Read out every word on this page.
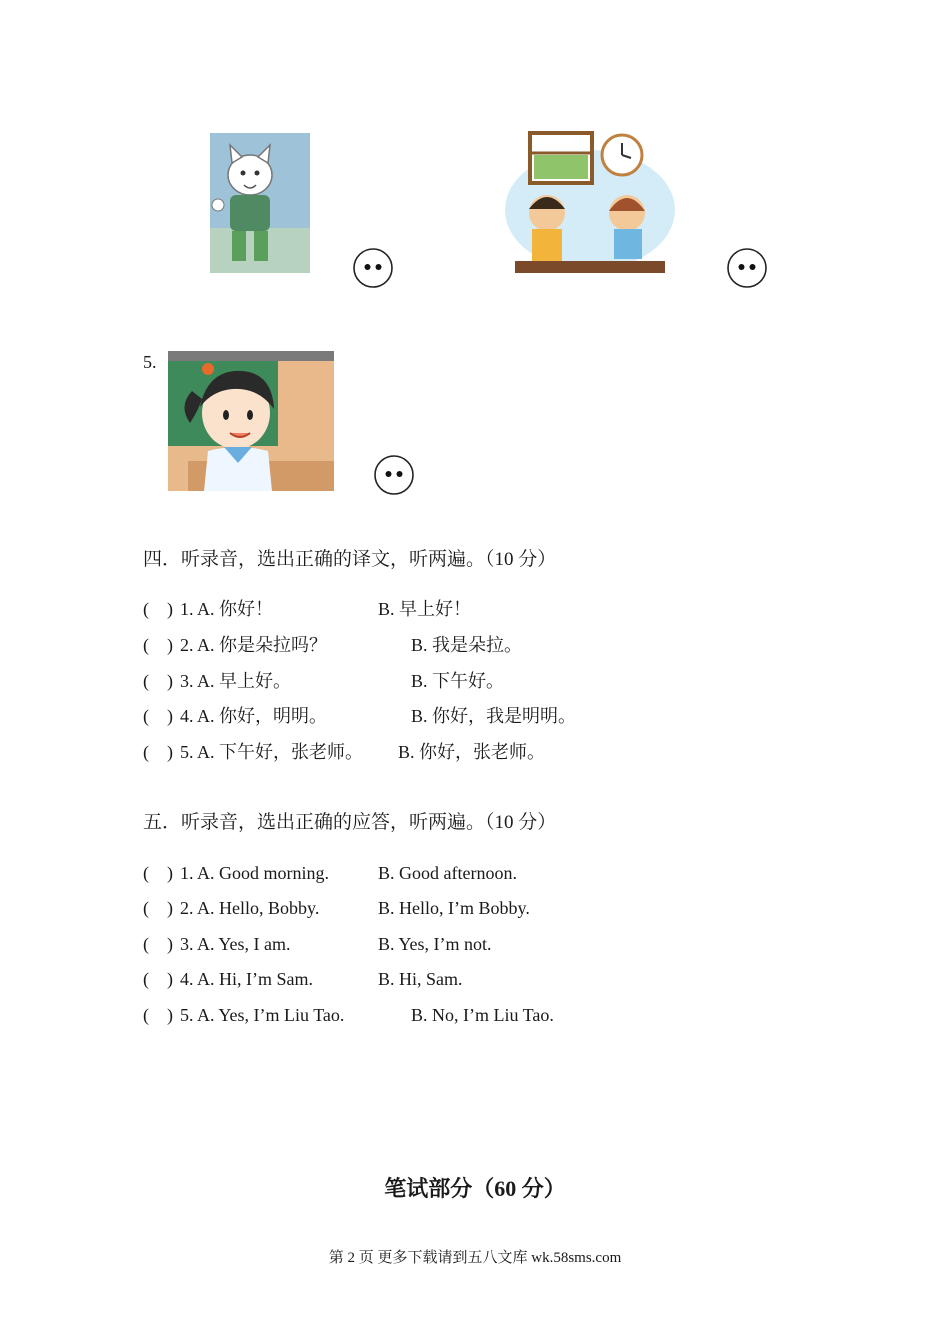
5.
四．听录音，选出正确的译文，听两遍。（10 分）
(    ) 1. A. 你好！	B. 早上好！
(    ) 2. A. 你是朵拉吗？	B. 我是朵拉。
(    ) 3. A. 早上好。	B. 下午好。
(    ) 4. A. 你好，明明。	B. 你好，我是明明。
(    ) 5. A. 下午好，张老师。 B. 你好，张老师。
五．听录音，选出正确的应答，听两遍。（10 分）
(    ) 1. A. Good morning.	B. Good afternoon.
(    ) 2. A. Hello, Bobby.	B. Hello, I’m Bobby.
(    ) 3. A. Yes, I am.	B. Yes, I’m not.
(    ) 4. A. Hi, I’m Sam.	B. Hi, Sam.
(    ) 5. A. Yes, I’m Liu Tao.	B. No, I’m Liu Tao.
笔试部分（60 分）
第 2 页 更多下载请到五八文库 wk.58sms.com
